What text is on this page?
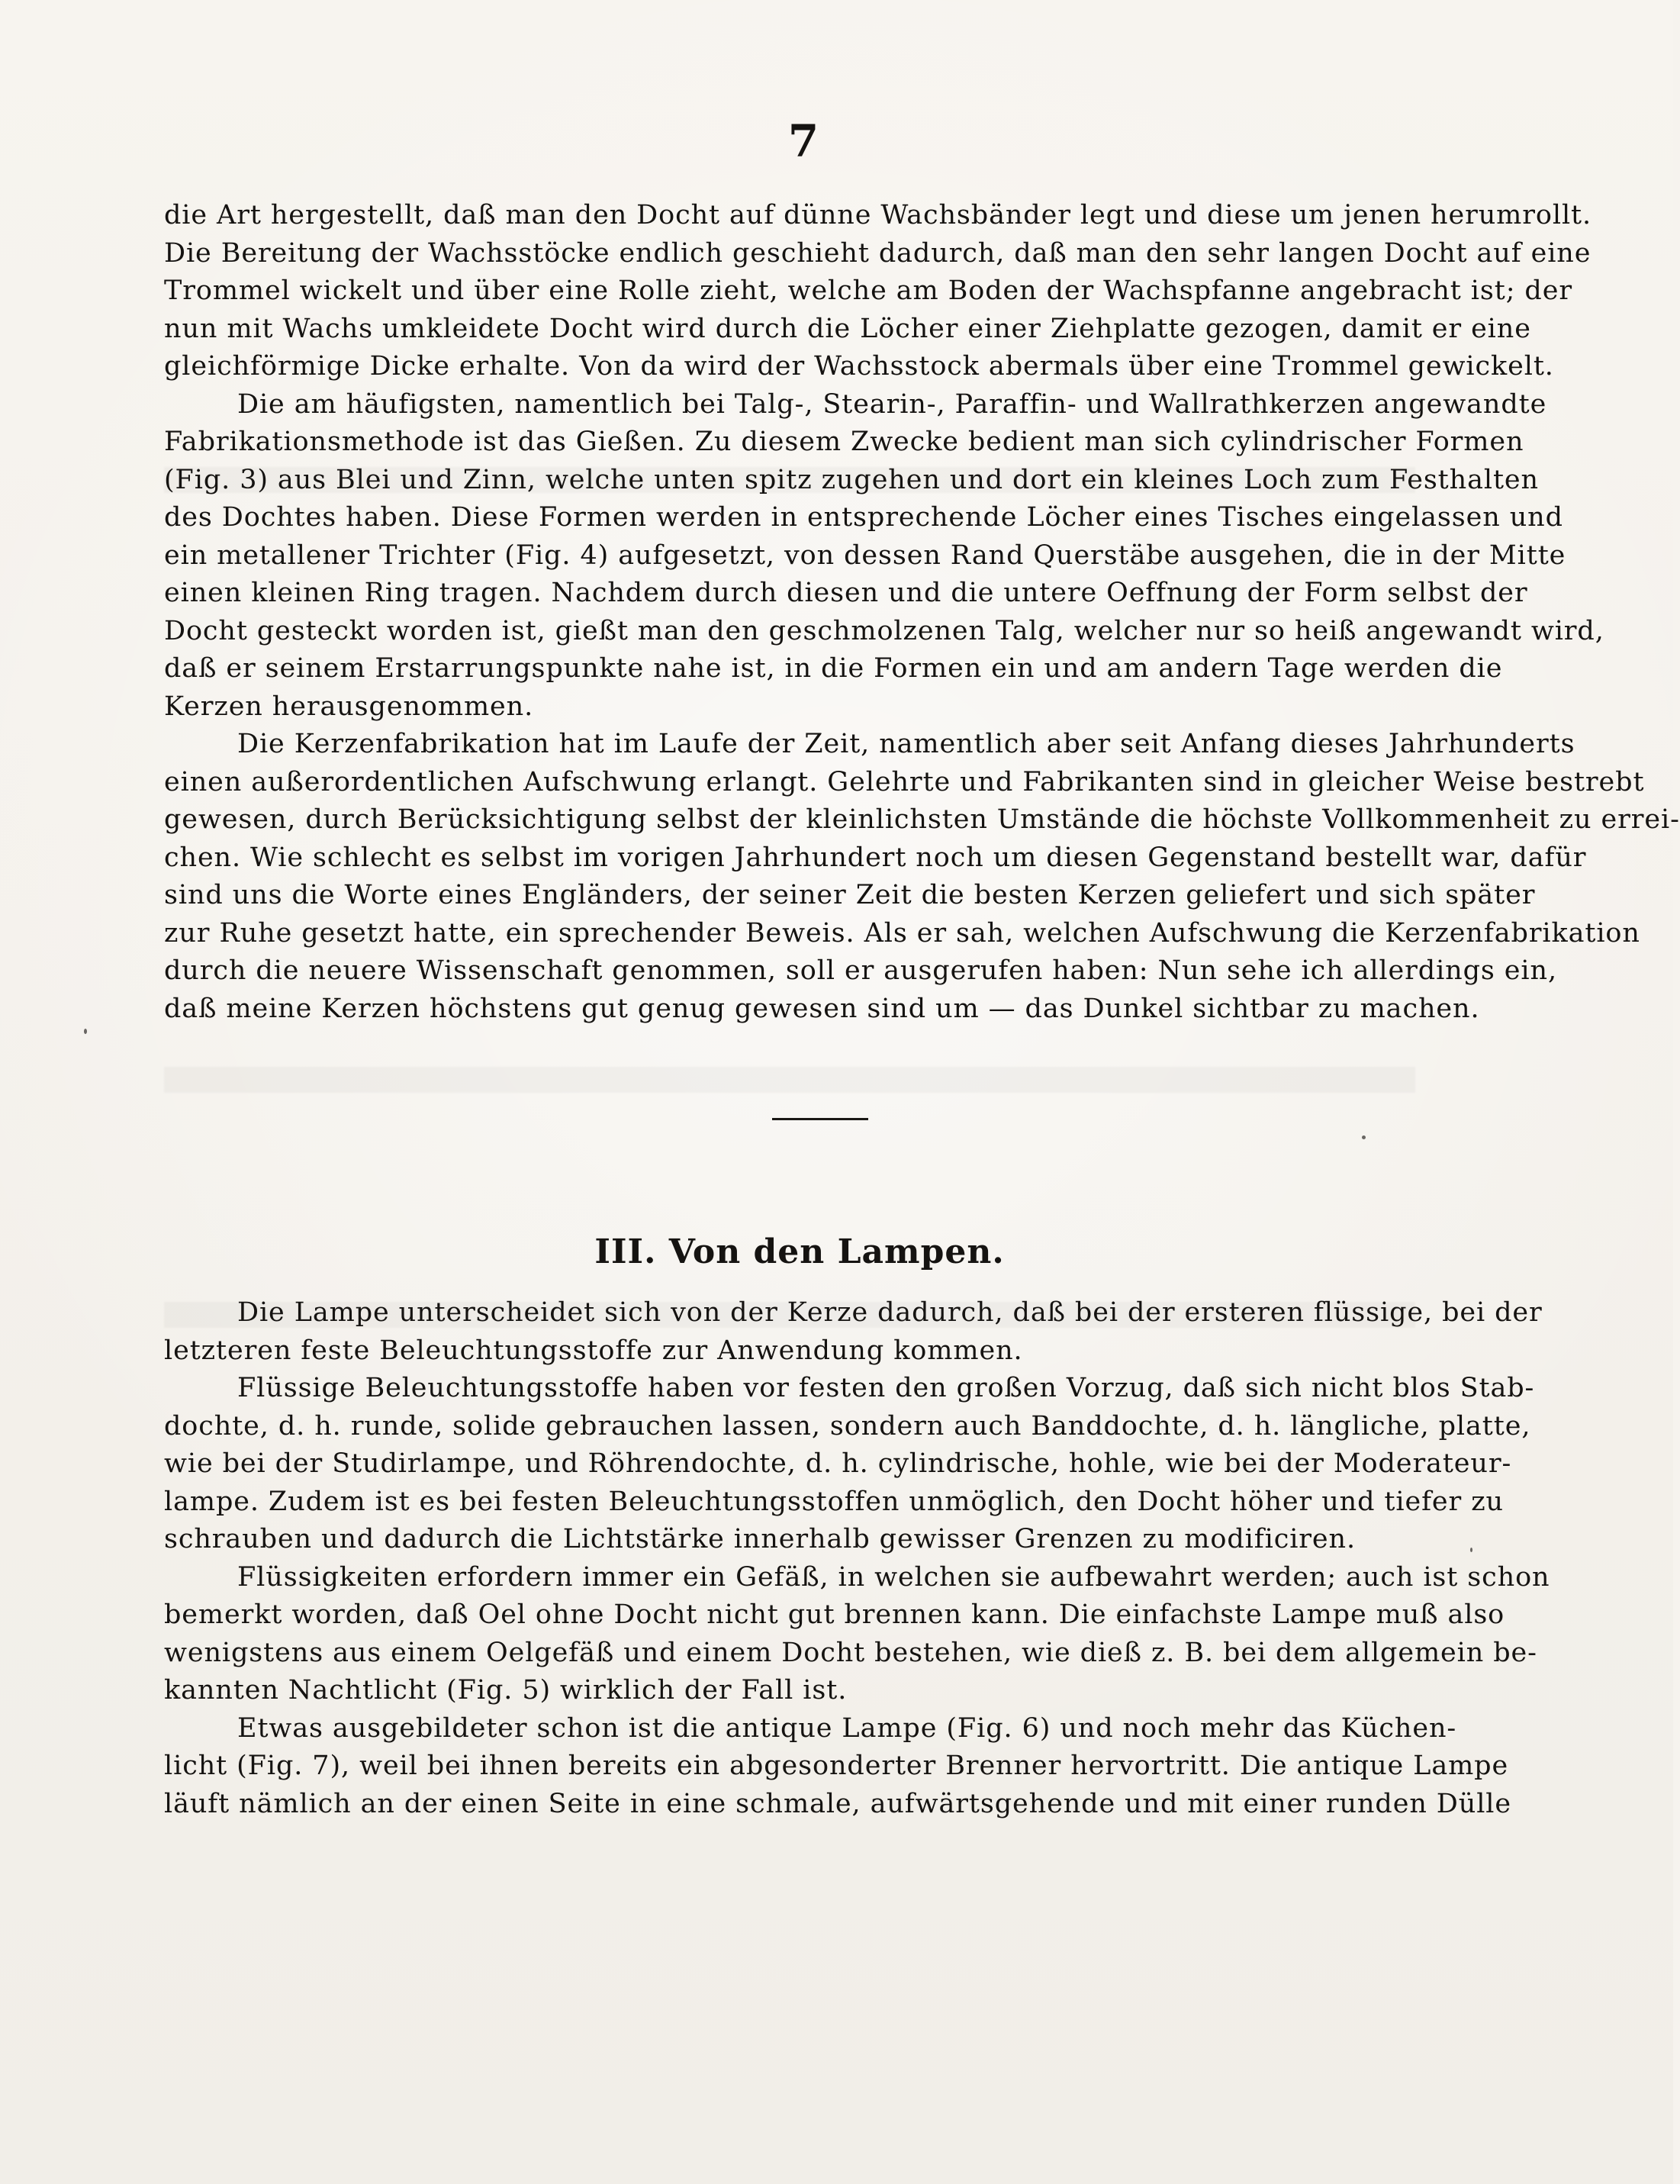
7
die Art hergestellt, daß man den Docht auf dünne Wachsbänder legt und diese um jenen herumrollt.
Die Bereitung der Wachsstöcke endlich geschieht dadurch, daß man den sehr langen Docht auf eine
Trommel wickelt und über eine Rolle zieht, welche am Boden der Wachspfanne angebracht ist; der
nun mit Wachs umkleidete Docht wird durch die Löcher einer Ziehplatte gezogen, damit er eine
gleichförmige Dicke erhalte. Von da wird der Wachsstock abermals über eine Trommel gewickelt.
Die am häufigsten, namentlich bei Talg-, Stearin-, Paraffin- und Wallrathkerzen angewandte
Fabrikationsmethode ist das Gießen. Zu diesem Zwecke bedient man sich cylindrischer Formen
(Fig. 3) aus Blei und Zinn, welche unten spitz zugehen und dort ein kleines Loch zum Festhalten
des Dochtes haben. Diese Formen werden in entsprechende Löcher eines Tisches eingelassen und
ein metallener Trichter (Fig. 4) aufgesetzt, von dessen Rand Querstäbe ausgehen, die in der Mitte
einen kleinen Ring tragen. Nachdem durch diesen und die untere Oeffnung der Form selbst der
Docht gesteckt worden ist, gießt man den geschmolzenen Talg, welcher nur so heiß angewandt wird,
daß er seinem Erstarrungspunkte nahe ist, in die Formen ein und am andern Tage werden die
Kerzen herausgenommen.
Die Kerzenfabrikation hat im Laufe der Zeit, namentlich aber seit Anfang dieses Jahrhunderts
einen außerordentlichen Aufschwung erlangt. Gelehrte und Fabrikanten sind in gleicher Weise bestrebt
gewesen, durch Berücksichtigung selbst der kleinlichsten Umstände die höchste Vollkommenheit zu errei-
chen. Wie schlecht es selbst im vorigen Jahrhundert noch um diesen Gegenstand bestellt war, dafür
sind uns die Worte eines Engländers, der seiner Zeit die besten Kerzen geliefert und sich später
zur Ruhe gesetzt hatte, ein sprechender Beweis. Als er sah, welchen Aufschwung die Kerzenfabrikation
durch die neuere Wissenschaft genommen, soll er ausgerufen haben: Nun sehe ich allerdings ein,
daß meine Kerzen höchstens gut genug gewesen sind um — das Dunkel sichtbar zu machen.
III. Von den Lampen.
Die Lampe unterscheidet sich von der Kerze dadurch, daß bei der ersteren flüssige, bei der
letzteren feste Beleuchtungsstoffe zur Anwendung kommen.
Flüssige Beleuchtungsstoffe haben vor festen den großen Vorzug, daß sich nicht blos Stab-
dochte, d. h. runde, solide gebrauchen lassen, sondern auch Banddochte, d. h. längliche, platte,
wie bei der Studirlampe, und Röhrendochte, d. h. cylindrische, hohle, wie bei der Moderateur-
lampe. Zudem ist es bei festen Beleuchtungsstoffen unmöglich, den Docht höher und tiefer zu
schrauben und dadurch die Lichtstärke innerhalb gewisser Grenzen zu modificiren.
Flüssigkeiten erfordern immer ein Gefäß, in welchen sie aufbewahrt werden; auch ist schon
bemerkt worden, daß Oel ohne Docht nicht gut brennen kann. Die einfachste Lampe muß also
wenigstens aus einem Oelgefäß und einem Docht bestehen, wie dieß z. B. bei dem allgemein be-
kannten Nachtlicht (Fig. 5) wirklich der Fall ist.
Etwas ausgebildeter schon ist die antique Lampe (Fig. 6) und noch mehr das Küchen-
licht (Fig. 7), weil bei ihnen bereits ein abgesonderter Brenner hervortritt. Die antique Lampe
läuft nämlich an der einen Seite in eine schmale, aufwärtsgehende und mit einer runden Dülle
